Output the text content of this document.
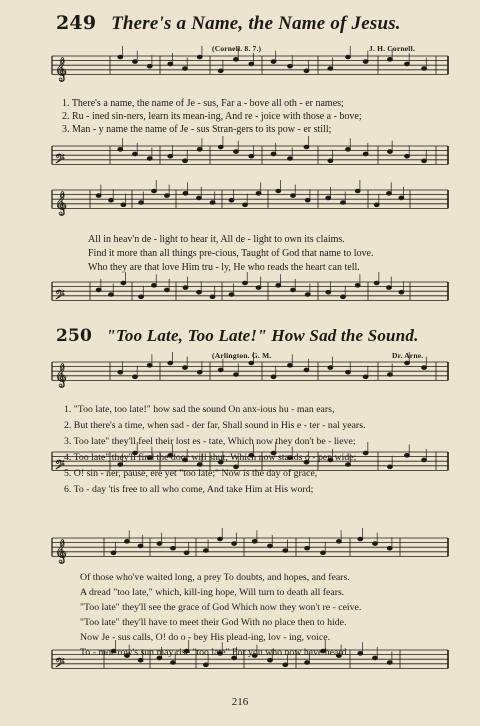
𝄞
𝄢
𝄞
𝄢
𝄞
𝄢
𝄞
𝄢
249 There's a Name, the Name of Jesus.
(Cornell. 8. 7.)	J. H. Cornell.
1. There's a name, the name of Je - sus, Far a - bove all oth - er names;
2. Ru - ined sin-ners, learn its mean-ing, And re - joice with those a - bove;
3. Man - y name the name of Je - sus Stran-gers to its pow - er still;
All in heav'n de - light to hear it, All de - light to own its claims.
Find it more than all things pre-cious, Taught of God that name to love.
Who they are that love Him tru - ly, He who reads the heart can tell.
250 "Too Late, Too Late!" How Sad the Sound.
(Arlington. G. M.	Dr. Arne.
1. "Too late, too late!" how sad the sound On anx-ious hu - man ears,
2. But there's a time, when sad - der far, Shall sound in His e - ter - nal years.
3. Too late" they'll feel their lost es - tate, Which now they don't be - lieve;
4. Too late" they'll find the door will shut, Which now stands o - pen wide;
5. O! sin - ner, pause, ere yet "too late;" Now is the day of grace,
6. To - day 'tis free to all who come, And take Him at His word;
Of those who've waited long, a prey To doubts, and hopes, and fears.
A dread "too late," which, kill-ing hope, Will turn to death all fears.
"Too late" they'll see the grace of God Which now they won't re - ceive.
"Too late" they'll have to meet their God With no place then to hide.
Now Je - sus calls, O! do o - bey His plead-ing, lov - ing, voice.
To - mor-row's sun may rise "too late" For you who now have heard.
216
